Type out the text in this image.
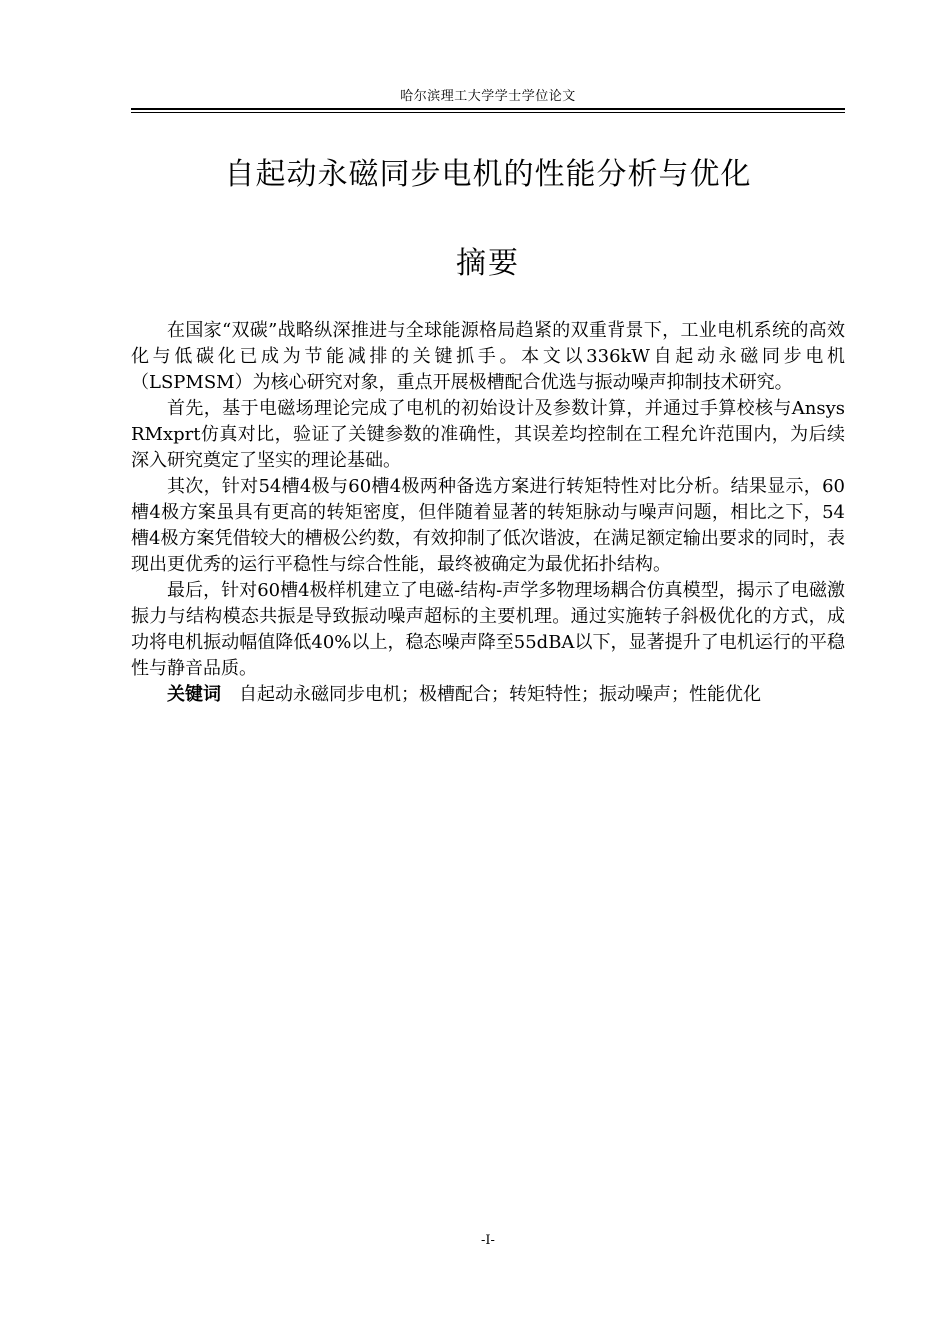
哈尔滨理工大学学士学位论文
自起动永磁同步电机的性能分析与优化
摘要

在国家“双碳”战略纵深推进与全球能源格局趋紧的双重背景下，工业电机系统的高效化与低碳化已成为节能减排的关键抓手。本文以336kW自起动永磁同步电机（LSPMSM）为核心研究对象，重点开展极槽配合优选与振动噪声抑制技术研究。

首先，基于电磁场理论完成了电机的初始设计及参数计算，并通过手算校核与Ansys RMxprt仿真对比，验证了关键参数的准确性，其误差均控制在工程允许范围内，为后续深入研究奠定了坚实的理论基础。

其次，针对54槽4极与60槽4极两种备选方案进行转矩特性对比分析。结果显示，60槽4极方案虽具有更高的转矩密度，但伴随着显著的转矩脉动与噪声问题，相比之下，54槽4极方案凭借较大的槽极公约数，有效抑制了低次谐波，在满足额定输出要求的同时，表现出更优秀的运行平稳性与综合性能，最终被确定为最优拓扑结构。

最后，针对60槽4极样机建立了电磁-结构-声学多物理场耦合仿真模型，揭示了电磁激振力与结构模态共振是导致振动噪声超标的主要机理。通过实施转子斜极优化的方式，成功将电机振动幅值降低40%以上，稳态噪声降至55dBA以下，显著提升了电机运行的平稳性与静音品质。

关键词 自起动永磁同步电机；极槽配合；转矩特性；振动噪声；性能优化

-I-
